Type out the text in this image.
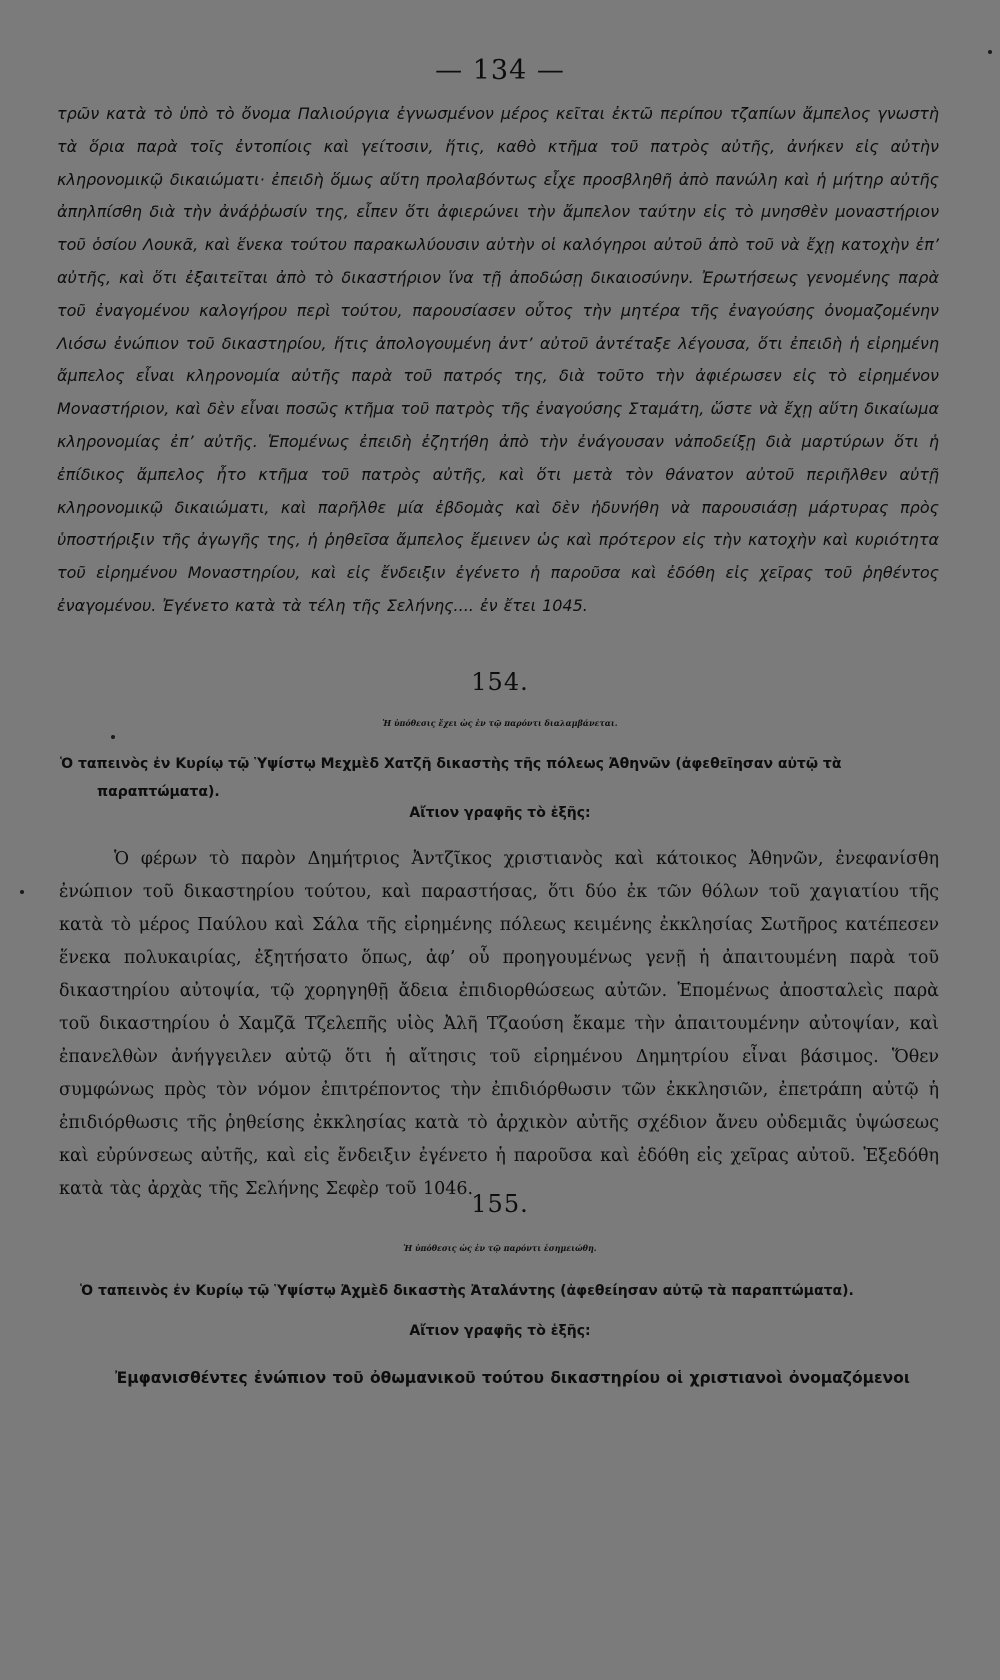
— 134 —

τρῶν κατὰ τὸ ὑπὸ τὸ ὄνομα Παλιούργια ἐγνωσμένον μέρος κεῖται ἐκτῶ περίπου τζαπίων ἄμπελος γνωστὴ τὰ ὅρια παρὰ τοῖς ἐντοπίοις καὶ γείτοσιν, ἥτις, καθὸ κτῆμα τοῦ πατρὸς αὐτῆς, ἀνήκεν εἰς αὐτὴν κληρονομικῷ δικαιώματι· ἐπειδὴ ὅμως αὕτη προλαβόντως εἶχε προσβληθῆ ἀπὸ πανώλη καὶ ἡ μήτηρ αὐτῆς ἀπηλπίσθη διὰ τὴν ἀνάῤῥωσίν της, εἶπεν ὅτι ἀφιερώνει τὴν ἄμπελον ταύτην εἰς τὸ μνησθὲν μοναστήριον τοῦ ὁσίου Λουκᾶ, καὶ ἕνεκα τούτου παρακωλύουσιν αὐτὴν οἱ καλόγηροι αὐτοῦ ἀπὸ τοῦ νὰ ἔχῃ κατοχὴν ἐπ’ αὐτῆς, καὶ ὅτι ἐξαιτεῖται ἀπὸ τὸ δικαστήριον ἵνα τῇ ἀποδώσῃ δικαιοσύνην. Ἐρωτήσεως γενομένης παρὰ τοῦ ἐναγομένου καλογήρου περὶ τούτου, παρουσίασεν οὗτος τὴν μητέρα τῆς ἐναγούσης ὀνομαζομένην Λιόσω ἐνώπιον τοῦ δικαστηρίου, ἥτις ἀπολογουμένη ἀντ’ αὐτοῦ ἀντέταξε λέγουσα, ὅτι ἐπειδὴ ἡ εἰρημένη ἄμπελος εἶναι κληρονομία αὐτῆς παρὰ τοῦ πατρός της, διὰ τοῦτο τὴν ἀφιέρωσεν εἰς τὸ εἰρημένον Μοναστήριον, καὶ δὲν εἶναι ποσῶς κτῆμα τοῦ πατρὸς τῆς ἐναγούσης Σταμάτη, ὥστε νὰ ἔχῃ αὕτη δικαίωμα κληρονομίας ἐπ’ αὐτῆς. Ἑπομένως ἐπειδὴ ἐζητήθη ἀπὸ τὴν ἐνάγουσαν νἀποδείξῃ διὰ μαρτύρων ὅτι ἡ ἐπίδικος ἄμπελος ἦτο κτῆμα τοῦ πατρὸς αὐτῆς, καὶ ὅτι μετὰ τὸν θάνατον αὐτοῦ περιῆλθεν αὐτῇ κληρονομικῷ δικαιώματι, καὶ παρῆλθε μία ἑβδομὰς καὶ δὲν ἠδυνήθη νὰ παρουσιάσῃ μάρτυρας πρὸς ὑποστήριξιν τῆς ἀγωγῆς της, ἡ ῥηθεῖσα ἄμπελος ἔμεινεν ὡς καὶ πρότερον εἰς τὴν κατοχὴν καὶ κυριότητα τοῦ εἰρημένου Μοναστηρίου, καὶ εἰς ἔνδειξιν ἐγένετο ἡ παροῦσα καὶ ἐδόθη εἰς χεῖρας τοῦ ῥηθέντος ἐναγομένου. Ἐγένετο κατὰ τὰ τέλη τῆς Σελήνης.... ἐν ἔτει 1045.

154.
Ἡ ὑπόθεσις ἔχει ὡς ἐν τῷ παρόντι διαλαμβάνεται.

Ὁ ταπεινὸς ἐν Κυρίῳ τῷ Ὑψίστῳ Μεχμὲδ Χατζῆ δικαστὴς τῆς πόλεως Ἀθηνῶν (ἀφεθεῖησαν αὐτῷ τὰ

παραπτώματα).

Αἴτιον γραφῆς τὸ ἑξῆς:

Ὁ φέρων τὸ παρὸν Δημήτριος Ἀντζῖκος χριστιανὸς καὶ κάτοικος Ἀθηνῶν, ἐνεφανίσθη ἐνώπιον τοῦ δικαστηρίου τούτου, καὶ παραστήσας, ὅτι δύο ἐκ τῶν θόλων τοῦ χαγιατίου τῆς κατὰ τὸ μέρος Παύλου καὶ Σάλα τῆς εἰρημένης πόλεως κειμένης ἐκκλησίας Σωτῆρος κατέπεσεν ἕνεκα πολυκαιρίας, ἐξητήσατο ὅπως, ἀφ’ οὗ προηγουμένως γενῇ ἡ ἀπαιτουμένη παρὰ τοῦ δικαστηρίου αὐτοψία, τῷ χορηγηθῇ ἄδεια ἐπιδιορθώσεως αὐτῶν. Ἑπομένως ἀποσταλεὶς παρὰ τοῦ δικαστηρίου ὁ Χαμζᾶ Τζελεπῆς υἱὸς Ἀλῆ Τζαούση ἔκαμε τὴν ἀπαιτουμένην αὐτοψίαν, καὶ ἐπανελθὼν ἀνήγγειλεν αὐτῷ ὅτι ἡ αἴτησις τοῦ εἰρημένου Δημητρίου εἶναι βάσιμος. Ὅθεν συμφώνως πρὸς τὸν νόμον ἐπιτρέποντος τὴν ἐπιδιόρθωσιν τῶν ἐκκλησιῶν, ἐπετράπη αὐτῷ ἡ ἐπιδιόρθωσις τῆς ῥηθείσης ἐκκλησίας κατὰ τὸ ἀρχικὸν αὐτῆς σχέδιον ἄνευ οὐδεμιᾶς ὑψώσεως καὶ εὐρύνσεως αὐτῆς, καὶ εἰς ἔνδειξιν ἐγένετο ἡ παροῦσα καὶ ἐδόθη εἰς χεῖρας αὐτοῦ. Ἐξεδόθη κατὰ τὰς ἀρχὰς τῆς Σελήνης Σεφὲρ τοῦ 1046.

155.
Ἡ ὑπόθεσις ὡς ἐν τῷ παρόντι ἐσημειώθη.

Ὁ ταπεινὸς ἐν Κυρίῳ τῷ Ὑψίστῳ Ἀχμὲδ δικαστὴς Ἀταλάντης (ἀφεθείησαν αὐτῷ τὰ παραπτώματα).

Αἴτιον γραφῆς τὸ ἑξῆς:

Ἐμφανισθέντες ἐνώπιον τοῦ ὀθωμανικοῦ τούτου δικαστηρίου οἱ χριστιανοὶ ὀνομαζόμενοι
